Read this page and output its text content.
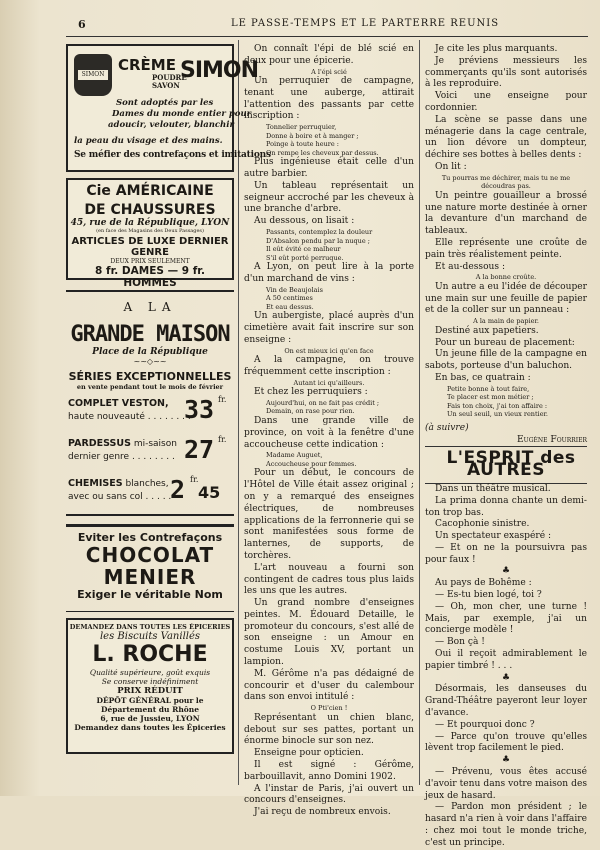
6	LE PASSE-TEMPS ET LE PARTERRE REUNIS
SIMON
CRÈME
POUDRE
SAVON
SIMON
Sont adoptés par les
Dames du monde entier pour
adoucir, velouter, blanchir
la peau du visage et des mains.
Se méfier des contrefaçons et imitations
Cie AMÉRICAINE
DE CHAUSSURES
45, rue de la République, LYON
(en face des Magasins des Deux Passages)
ARTICLES DE LUXE DERNIER GENRE
DEUX PRIX SEULEMENT
8 fr. DAMES — 9 fr. HOMMES
A LA
GRANDE MAISON
Place de la République
~~◇~~
SÉRIES EXCEPTIONNELLES
en vente pendant tout le mois de février
COMPLET VESTON,
haute nouveauté . . . . . . . .
33 fr.
PARDESSUS mi-saison
dernier genre . . . . . . . . 27 fr.
CHEMISES blanches,
avec ou sans col . . . . .
2 fr.
45
Eviter les Contrefaçons
CHOCOLAT
MENIER
Exiger le véritable Nom
DEMANDEZ DANS TOUTES LES ÉPICERIES
les Biscuits Vanillés
L. ROCHE
Qualité supérieure, goût exquis
Se conserve indéfiniment
PRIX RÉDUIT
DÉPÔT GÉNÉRAL pour le Département du Rhône
6, rue de Jussieu, LYON
Demandez dans toutes les Épiceries

On connaît l'épi de blé scié en deux pour une épicerie.

A l'épi scié

Un perruquier de campagne, tenant une auberge, attirait l'attention des passants par cette inscription :

Tonnelier perruquier,
Donne à boire et à manger ;
Poinge à toute heure :
On rempe les cheveux par dessus.

Plus ingénieuse était celle d'un autre barbier.

Un tableau représentait un seigneur accroché par les cheveux à une branche d'arbre.

Au dessous, on lisait :

Passants, contemplez la douleur
D'Absalon pendu par la nuque ;
Il eût évité ce malheur
S'il eût porté perruque.

A Lyon, on peut lire à la porte d'un marchand de vins :

Vin de Beaujolais
A 50 centimes
Et eau dessus.

Un aubergiste, placé auprès d'un cimetière avait fait inscrire sur son enseigne :

On est mieux ici qu'en face

A la campagne, on trouve fréquemment cette inscription :

Autant ici qu'ailleurs.

Et chez les perruquiers :

Aujourd'hui, on ne fait pas crédit ;
Demain, on rase pour rien.

Dans une grande ville de province, on voit à la fenêtre d'une accoucheuse cette indication :

Madame Auguet,
Accoucheuse pour femmes.

Pour un début, le concours de l'Hôtel de Ville était assez original ; on y a remarqué des enseignes électriques, de nombreuses applications de la ferronnerie qui se sont manifestées sous forme de lanternes, de supports, de torchères.

L'art nouveau a fourni son contingent de cadres tous plus laids les uns que les autres.

Un grand nombre d'enseignes peintes. M. Édouard Detaille, le promoteur du concours, s'est allé de son enseigne : un Amour en costume Louis XV, portant un lampion.

M. Gérôme n'a pas dédaigné de concourir et d'user du calembour dans son envoi intitulé :

O Pti'cien !

Représentant un chien blanc, debout sur ses pattes, portant un énorme binocle sur son nez.

Enseigne pour opticien.

Il est signé : Gérôme, barbouillavit, anno Domini 1902.

A l'instar de Paris, j'ai ouvert un concours d'enseignes.

J'ai reçu de nombreux envois.

Je cite les plus marquants.

Je préviens messieurs les commerçants qu'ils sont autorisés à les reproduire.

Voici une enseigne pour cordonnier.

La scène se passe dans une ménagerie dans la cage centrale, un lion dévore un dompteur, déchire ses bottes à belles dents :

On lit :

Tu pourras me déchirer, mais tu ne me découdras pas.

Un peintre gouailleur a brossé une nature morte destinée à orner la devanture d'un marchand de tableaux.

Elle représente une croûte de pain très réalistement peinte.

Et au-dessous :

A la bonne croûte.

Un autre a eu l'idée de découper une main sur une feuille de papier et de la coller sur un panneau :

A la main de papier.

Destiné aux papetiers.

Pour un bureau de placement:

Un jeune fille de la campagne en sabots, porteuse d'un baluchon.

En bas, ce quatrain :

Petite bonne à tout faire,
Te placer est mon métier ;
Fais ton choix, j'ai ton affaire :
Un seul seuil, un vieux rentier.

(à suivre)

Eugène Fourrier

L'ESPRIT des AUTRES

Dans un théâtre musical.

La prima donna chante un demi-ton trop bas.

Cacophonie sinistre.

Un spectateur exaspéré :

— Et on ne la poursuivra pas pour faux !

♣

Au pays de Bohême :

— Es-tu bien logé, toi ?

— Oh, mon cher, une turne ! Mais, par exemple, j'ai un concierge modèle !

— Bon çà !

Oui il reçoit admirablement le papier timbré ! . . .

♣

Désormais, les danseuses du Grand-Théâtre payeront leur loyer d'avance.

— Et pourquoi donc ?

— Parce qu'on trouve qu'elles lèvent trop facilement le pied.

♣

— Prévenu, vous êtes accusé d'avoir tenu dans votre maison des jeux de hasard.

— Pardon mon président ; le hasard n'a rien à voir dans l'affaire : chez moi tout le monde triche, c'est un principe.
